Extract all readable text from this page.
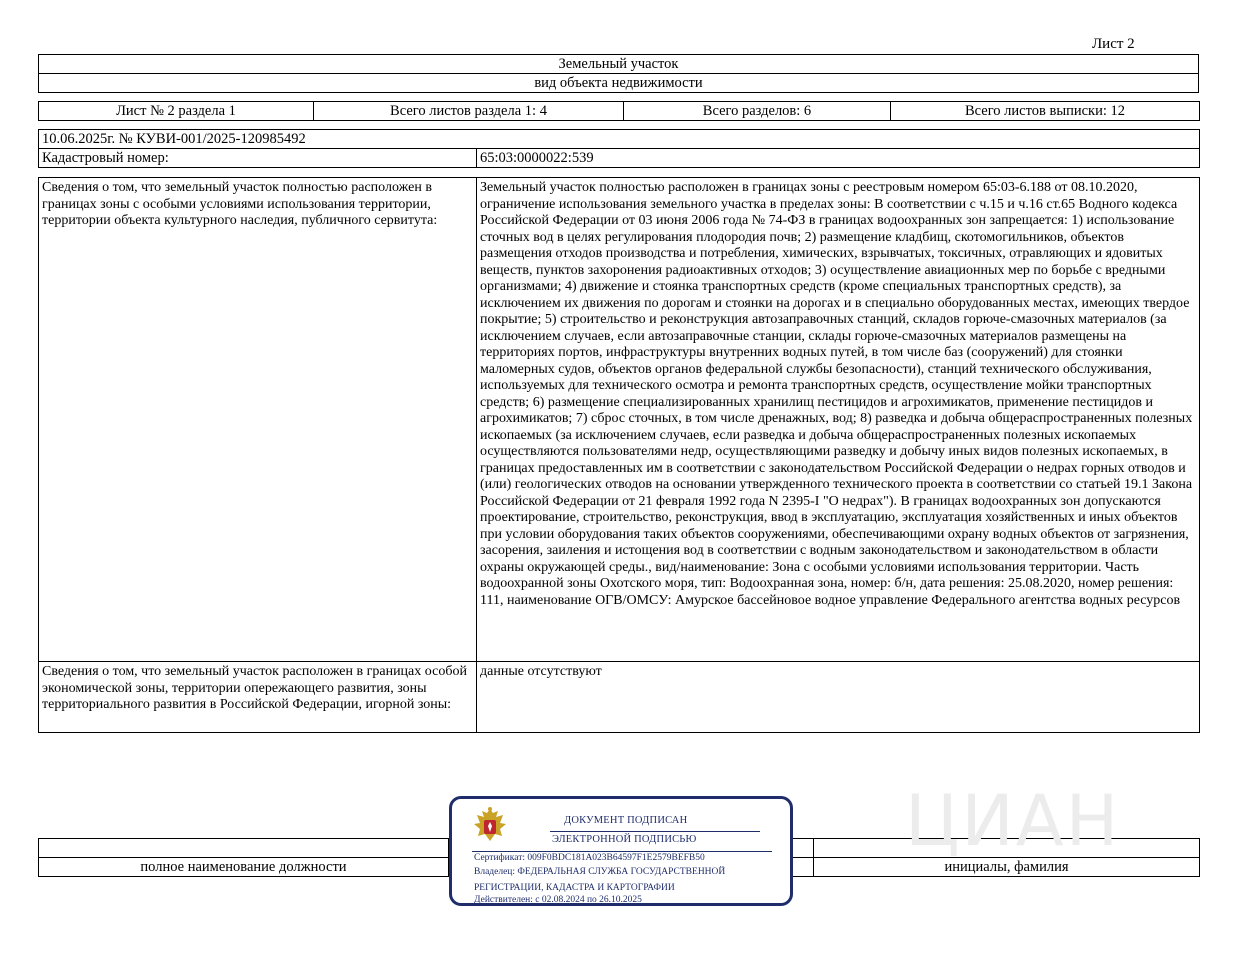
Лист 2
Земельный участок
вид объекта недвижимости
Лист № 2 раздела 1	Всего листов раздела 1: 4	Всего разделов: 6	Всего листов выписки: 12
10.06.2025г. № КУВИ-001/2025-120985492
Кадастровый номер:	65:03:0000022:539
Сведения о том, что земельный участок полностью расположен в границах зоны с особыми условиями использования территории, территории объекта культурного наследия, публичного сервитута:	Земельный участок полностью расположен в границах зоны с реестровым номером 65:03-6.188 от 08.10.2020, ограничение использования земельного участка в пределах зоны: В соответствии с ч.15 и ч.16 ст.65 Водного кодекса Российской Федерации от 03 июня 2006 года № 74-ФЗ в границах водоохранных зон запрещается: 1) использование сточных вод в целях регулирования плодородия почв; 2) размещение кладбищ, скотомогильников, объектов размещения отходов производства и потребления, химических, взрывчатых, токсичных, отравляющих и ядовитых веществ, пунктов захоронения радиоактивных отходов; 3) осуществление авиационных мер по борьбе с вредными организмами; 4) движение и стоянка транспортных средств (кроме специальных транспортных средств), за исключением их движения по дорогам и стоянки на дорогах и в специально оборудованных местах, имеющих твердое покрытие; 5) строительство и реконструкция автозаправочных станций, складов горюче-смазочных материалов (за исключением случаев, если автозаправочные станции, склады горюче-смазочных материалов размещены на территориях портов, инфраструктуры внутренних водных путей, в том числе баз (сооружений) для стоянки маломерных судов, объектов органов федеральной службы безопасности), станций технического обслуживания, используемых для технического осмотра и ремонта транспортных средств, осуществление мойки транспортных средств; 6) размещение специализированных хранилищ пестицидов и агрохимикатов, применение пестицидов и агрохимикатов; 7) сброс сточных, в том числе дренажных, вод; 8) разведка и добыча общераспространенных полезных ископаемых (за исключением случаев, если разведка и добыча общераспространенных полезных ископаемых осуществляются пользователями недр, осуществляющими разведку и добычу иных видов полезных ископаемых, в границах предоставленных им в соответствии с законодательством Российской Федерации о недрах горных отводов и (или) геологических отводов на основании утвержденного технического проекта в соответствии со статьей 19.1 Закона Российской Федерации от 21 февраля 1992 года N 2395-I "О недрах"). В границах водоохранных зон допускаются проектирование, строительство, реконструкция, ввод в эксплуатацию, эксплуатация хозяйственных и иных объектов при условии оборудования таких объектов сооружениями, обеспечивающими охрану водных объектов от загрязнения, засорения, заиления и истощения вод в соответствии с водным законодательством и законодательством в области охраны окружающей среды., вид/наименование: Зона с особыми условиями использования территории. Часть водоохранной зоны Охотского моря, тип: Водоохранная зона, номер: б/н, дата решения: 25.08.2020, номер решения: 111, наименование ОГВ/ОМСУ: Амурское бассейновое водное управление Федерального агентства водных ресурсов
Сведения о том, что земельный участок расположен в границах особой экономической зоны, территории опережающего развития, зоны территориального развития в Российской Федерации, игорной зоны:	данные отсутствуют

полное наименование должности		инициалы, фамилия
ЦИАН
ДОКУМЕНТ ПОДПИСАН
ЭЛЕКТРОННОЙ ПОДПИСЬЮ
Сертификат: 009F0BDC181A023B64597F1E2579BEFB50
Владелец: ФЕДЕРАЛЬНАЯ СЛУЖБА ГОСУДАРСТВЕННОЙ
РЕГИСТРАЦИИ, КАДАСТРА И КАРТОГРАФИИ
Действителен: с 02.08.2024 по 26.10.2025
